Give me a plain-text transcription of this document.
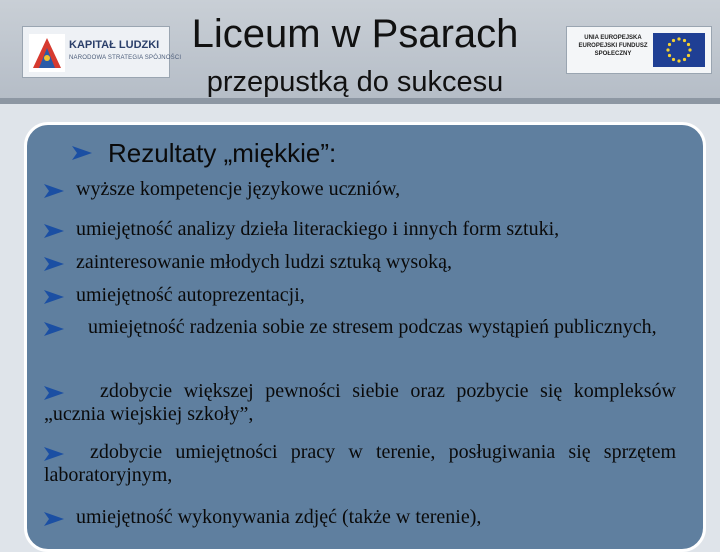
KAPITAŁ LUDZKI
NARODOWA STRATEGIA SPÓJNOŚCI
UNIA EUROPEJSKA EUROPEJSKI FUNDUSZ SPOŁECZNY
Liceum w Psarach
przepustką do sukcesu
Rezultaty „miękkie”:
wyższe kompetencje językowe uczniów,
umiejętność analizy dzieła literackiego i innych form sztuki,
zainteresowanie młodych ludzi sztuką wysoką,
umiejętność autoprezentacji,
umiejętność radzenia sobie ze stresem podczas wystąpień publicznych,
zdobycie większej pewności siebie oraz pozbycie się kompleksów „ucznia wiejskiej szkoły”,
zdobycie umiejętności pracy w terenie, posługiwania się sprzętem laboratoryjnym,
umiejętność wykonywania zdjęć (także w terenie),
